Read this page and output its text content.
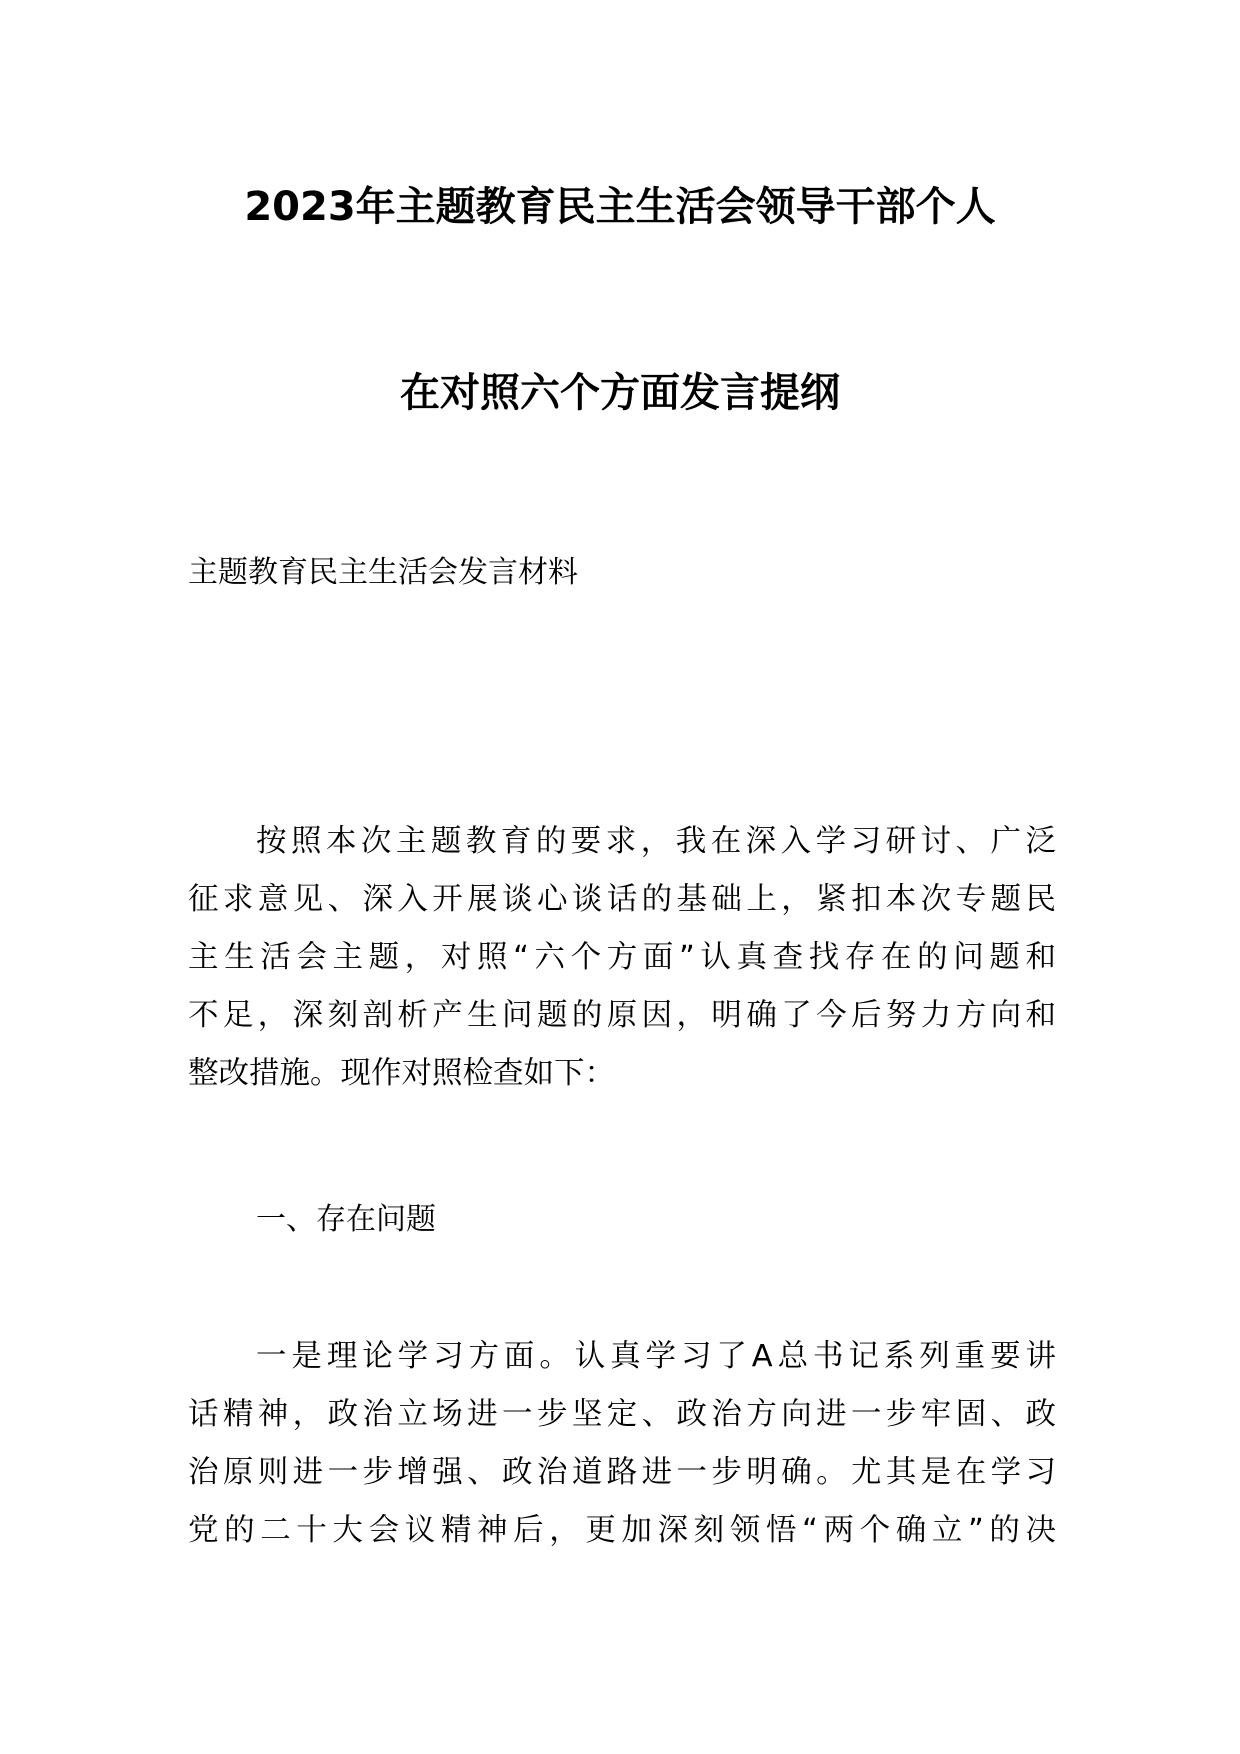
2023年主题教育民主生活会领导干部个人
在对照六个方面发言提纲
主题教育民主生活会发言材料
按照本次主题教育的要求，我在深入学习研讨、广泛
征求意见、深入开展谈心谈话的基础上，紧扣本次专题民
主生活会主题，对照“六个方面”认真查找存在的问题和
不足，深刻剖析产生问题的原因，明确了今后努力方向和
整改措施。现作对照检查如下：
一、存在问题
一是理论学习方面。认真学习了A总书记系列重要讲
话精神，政治立场进一步坚定、政治方向进一步牢固、政
治原则进一步增强、政治道路进一步明确。尤其是在学习
党的二十大会议精神后，更加深刻领悟“两个确立”的决
